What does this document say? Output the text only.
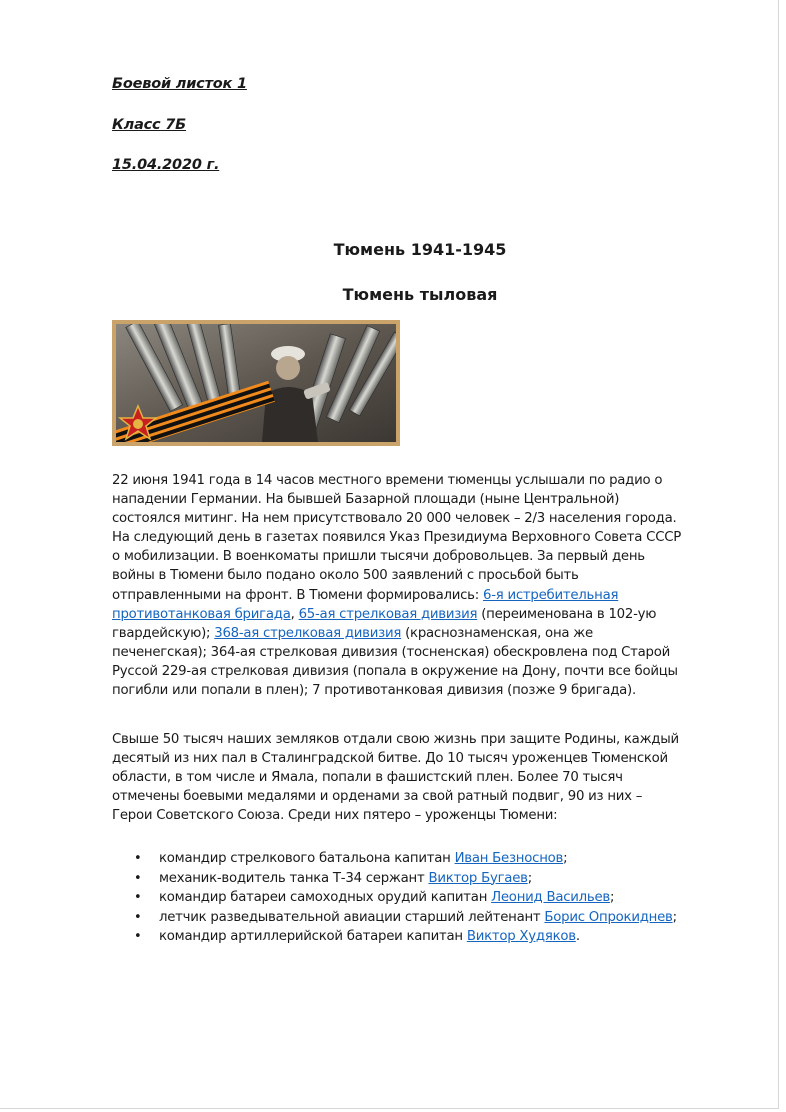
Боевой листок 1
Класс 7Б
15.04.2020 г.
Тюмень 1941-1945
Тюмень тыловая

22 июня 1941 года в 14 часов местного времени тюменцы услышали по радио о нападении Германии. На бывшей Базарной площади (ныне Центральной) состоялся митинг. На нем присутствовало 20 000 человек – 2/3 населения города. На следующий день в газетах появился Указ Президиума Верховного Совета СССР о мобилизации. В военкоматы пришли тысячи добровольцев. За первый день войны в Тюмени было подано около 500 заявлений с просьбой быть отправленными на фронт. В Тюмени формировались: 6-я истребительная противотанковая бригада, 65-ая стрелковая дивизия (переименована в 102-ую гвардейскую); 368-ая стрелковая дивизия (краснознаменская, она же печенегская); 364-ая стрелковая дивизия (тосненская) обескровлена под Старой Руссой 229-ая стрелковая дивизия (попала в окружение на Дону, почти все бойцы погибли или попали в плен); 7 противотанковая дивизия (позже 9 бригада).

Свыше 50 тысяч наших земляков отдали свою жизнь при защите Родины, каждый десятый из них пал в Сталинградской битве. До 10 тысяч уроженцев Тюменской области, в том числе и Ямала, попали в фашистский плен. Более 70 тысяч отмечены боевыми медалями и орденами за свой ратный подвиг, 90 из них – Герои Советского Союза. Среди них пятеро – уроженцы Тюмени:

• командир стрелкового батальона капитан Иван Безноснов;
• механик-водитель танка Т-34 сержант Виктор Бугаев;
• командир батареи самоходных орудий капитан Леонид Васильев;
• летчик разведывательной авиации старший лейтенант Борис Опрокиднев;
• командир артиллерийской батареи капитан Виктор Худяков.
